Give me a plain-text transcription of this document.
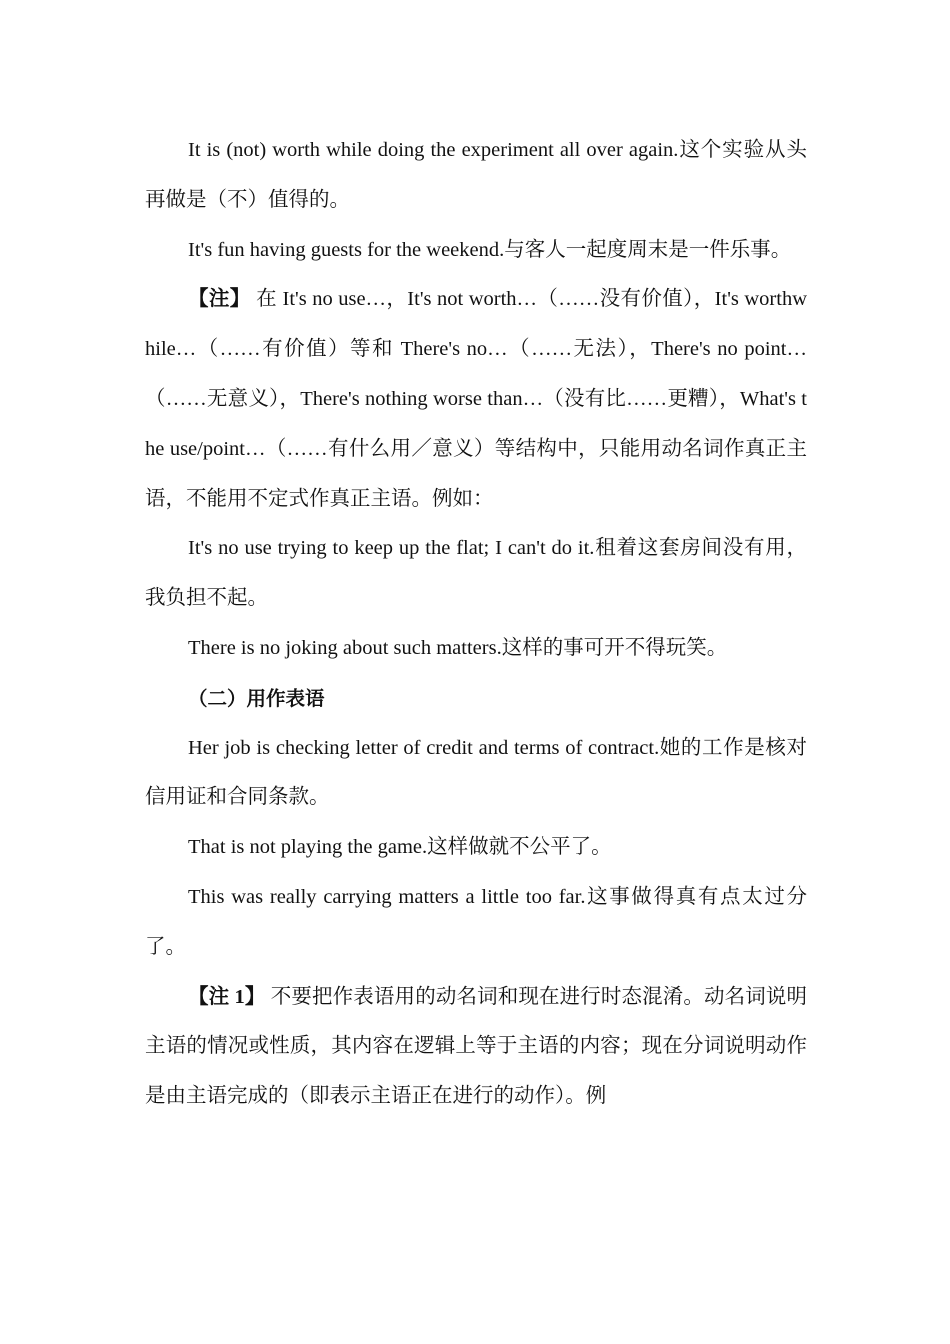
It is (not) worth while doing the experiment all over again.这个实验从头再做是（不）值得的。

It's fun having guests for the weekend.与客人一起度周末是一件乐事。

【注】 在 It's no use…，It's not worth…（……没有价值），It's worthwhile…（……有价值）等和 There's no…（……无法），There's no point…（……无意义），There's nothing worse than…（没有比……更糟），What's the use/point…（……有什么用／意义）等结构中，只能用动名词作真正主语，不能用不定式作真正主语。例如：

It's no use trying to keep up the flat; I can't do it.租着这套房间没有用，我负担不起。

There is no joking about such matters.这样的事可开不得玩笑。

（二）用作表语

Her job is checking letter of credit and terms of contract.她的工作是核对信用证和合同条款。

That is not playing the game.这样做就不公平了。

This was really carrying matters a little too far.这事做得真有点太过分了。

【注 1】 不要把作表语用的动名词和现在进行时态混淆。动名词说明主语的情况或性质，其内容在逻辑上等于主语的内容；现在分词说明动作是由主语完成的（即表示主语正在进行的动作）。例
